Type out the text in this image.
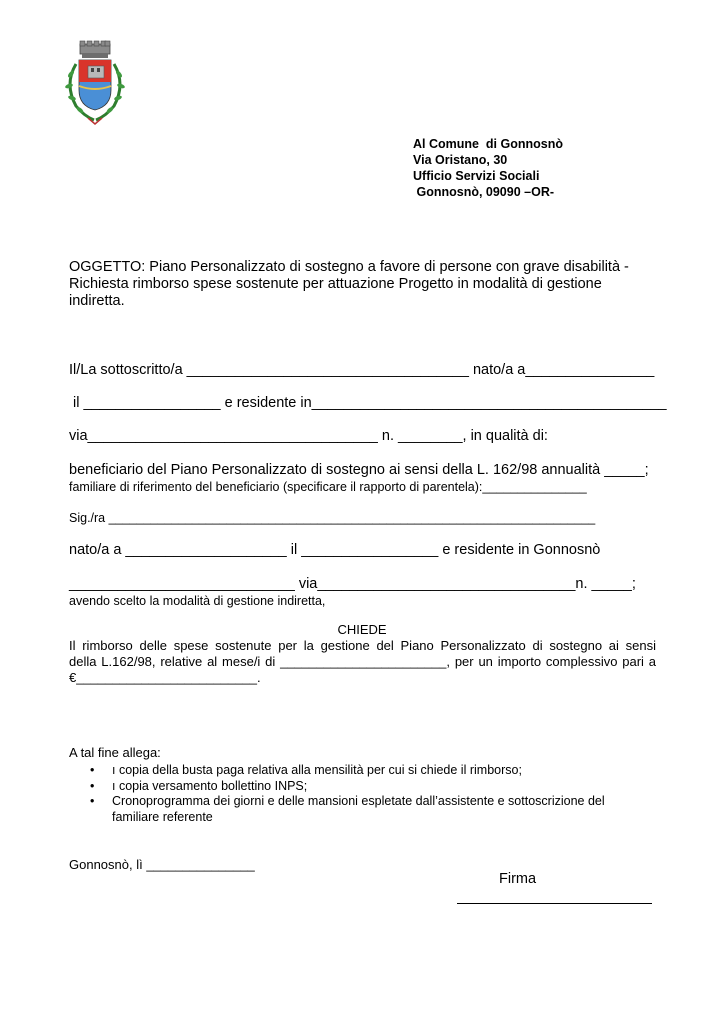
Al Comune  di Gonnosnò
Via Oristano, 30
Ufficio Servizi Sociali
Gonnosnò, 09090 –OR-
OGGETTO: Piano Personalizzato di sostegno a favore di persone con grave disabilità -
Richiesta rimborso spese sostenute per attuazione Progetto in modalità di gestione
indiretta.
Il/La sottoscritto/a ___________________________________ nato/a a________________
il _________________ e residente in____________________________________________
via____________________________________ n. ________, in qualità di:
beneficiario del Piano Personalizzato di sostegno ai sensi della L. 162/98 annualità _____;
familiare di riferimento del beneficiario (specificare il rapporto di parentela):_______________
Sig./ra ______________________________________________________________________
nato/a a ____________________ il _________________ e residente in Gonnosnò
____________________________ via________________________________n. _____;
avendo scelto la modalità di gestione indiretta,
CHIEDE
Il rimborso delle spese sostenute per la gestione del Piano Personalizzato di sostegno ai sensi
della L.162/98, relative al mese/i di _______________________, per un importo complessivo pari a
€_________________________.
A tal fine allega:
• ı copia della busta paga relativa alla mensilità per cui si chiede il rimborso;
• ı copia versamento bollettino INPS;
• Cronoprogramma dei giorni e delle mansioni espletate dall’assistente e sottoscrizione del
familiare referente
Gonnosnò, lì _______________
Firma
